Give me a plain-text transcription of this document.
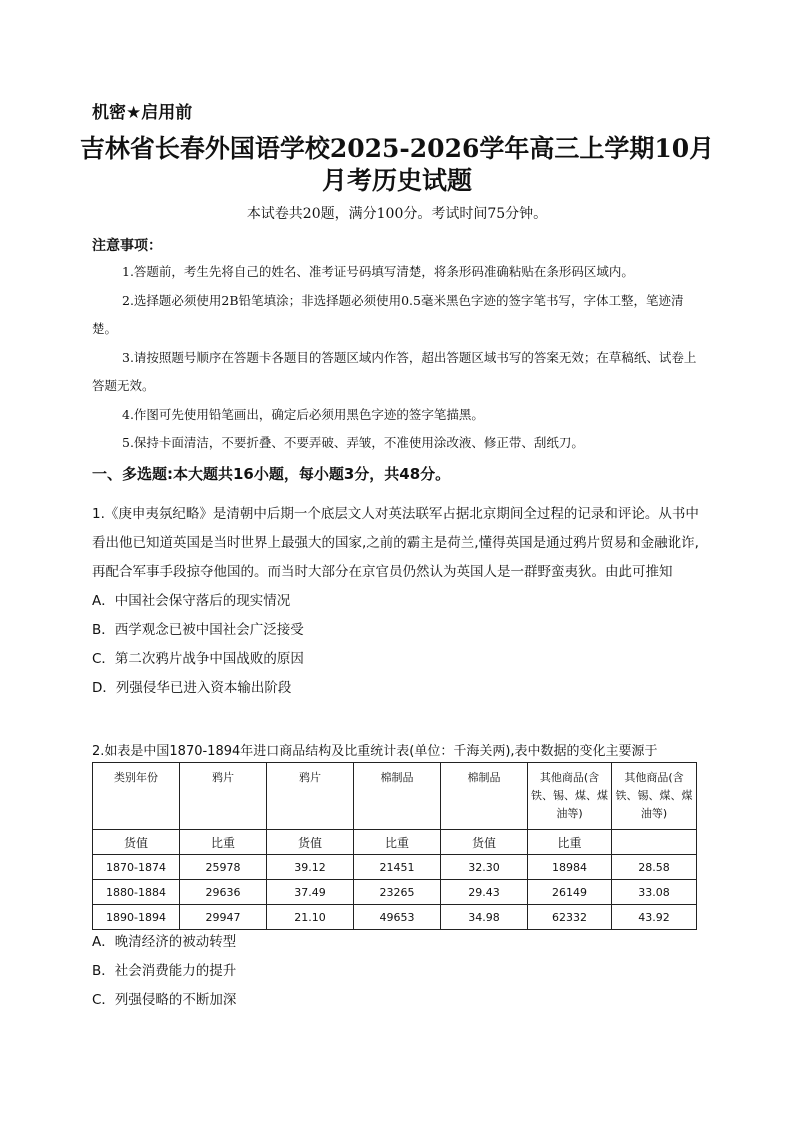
机密★启用前
吉林省长春外国语学校2025-2026学年高三上学期10月
月考历史试题
本试卷共20题，满分100分。考试时间75分钟。
注意事项：
1.答题前，考生先将自己的姓名、准考证号码填写清楚，将条形码准确粘贴在条形码区域内。
2.选择题必须使用2B铅笔填涂；非选择题必须使用0.5毫米黑色字迹的签字笔书写，字体工整，笔迹清楚。
3.请按照题号顺序在答题卡各题目的答题区域内作答，超出答题区域书写的答案无效；在草稿纸、试卷上答题无效。
4.作图可先使用铅笔画出，确定后必须用黑色字迹的签字笔描黑。
5.保持卡面清洁，不要折叠、不要弄破、弄皱，不准使用涂改液、修正带、刮纸刀。
一、多选题:本大题共16小题，每小题3分，共48分。
1.《庚申夷氛纪略》是清朝中后期一个底层文人对英法联军占据北京期间全过程的记录和评论。从书中看出他已知道英国是当时世界上最强大的国家,之前的霸主是荷兰,懂得英国是通过鸦片贸易和金融讹诈,再配合军事手段掠夺他国的。而当时大部分在京官员仍然认为英国人是一群野蛮夷狄。由此可推知
A．中国社会保守落后的现实情况
B．西学观念已被中国社会广泛接受
C．第二次鸦片战争中国战败的原因
D．列强侵华已进入资本输出阶段
2.如表是中国1870-1894年进口商品结构及比重统计表(单位：千海关两),表中数据的变化主要源于
类别年份	鸦片	鸦片	棉制品	棉制品	其他商品(含铁、锡、煤、煤油等)	其他商品(含铁、锡、煤、煤油等)
货值	比重	货值	比重	货值	比重	
1870-1874	25978	39.12	21451	32.30	18984	28.58
1880-1884	29636	37.49	23265	29.43	26149	33.08
1890-1894	29947	21.10	49653	34.98	62332	43.92
A．晚清经济的被动转型
B．社会消费能力的提升
C．列强侵略的不断加深
